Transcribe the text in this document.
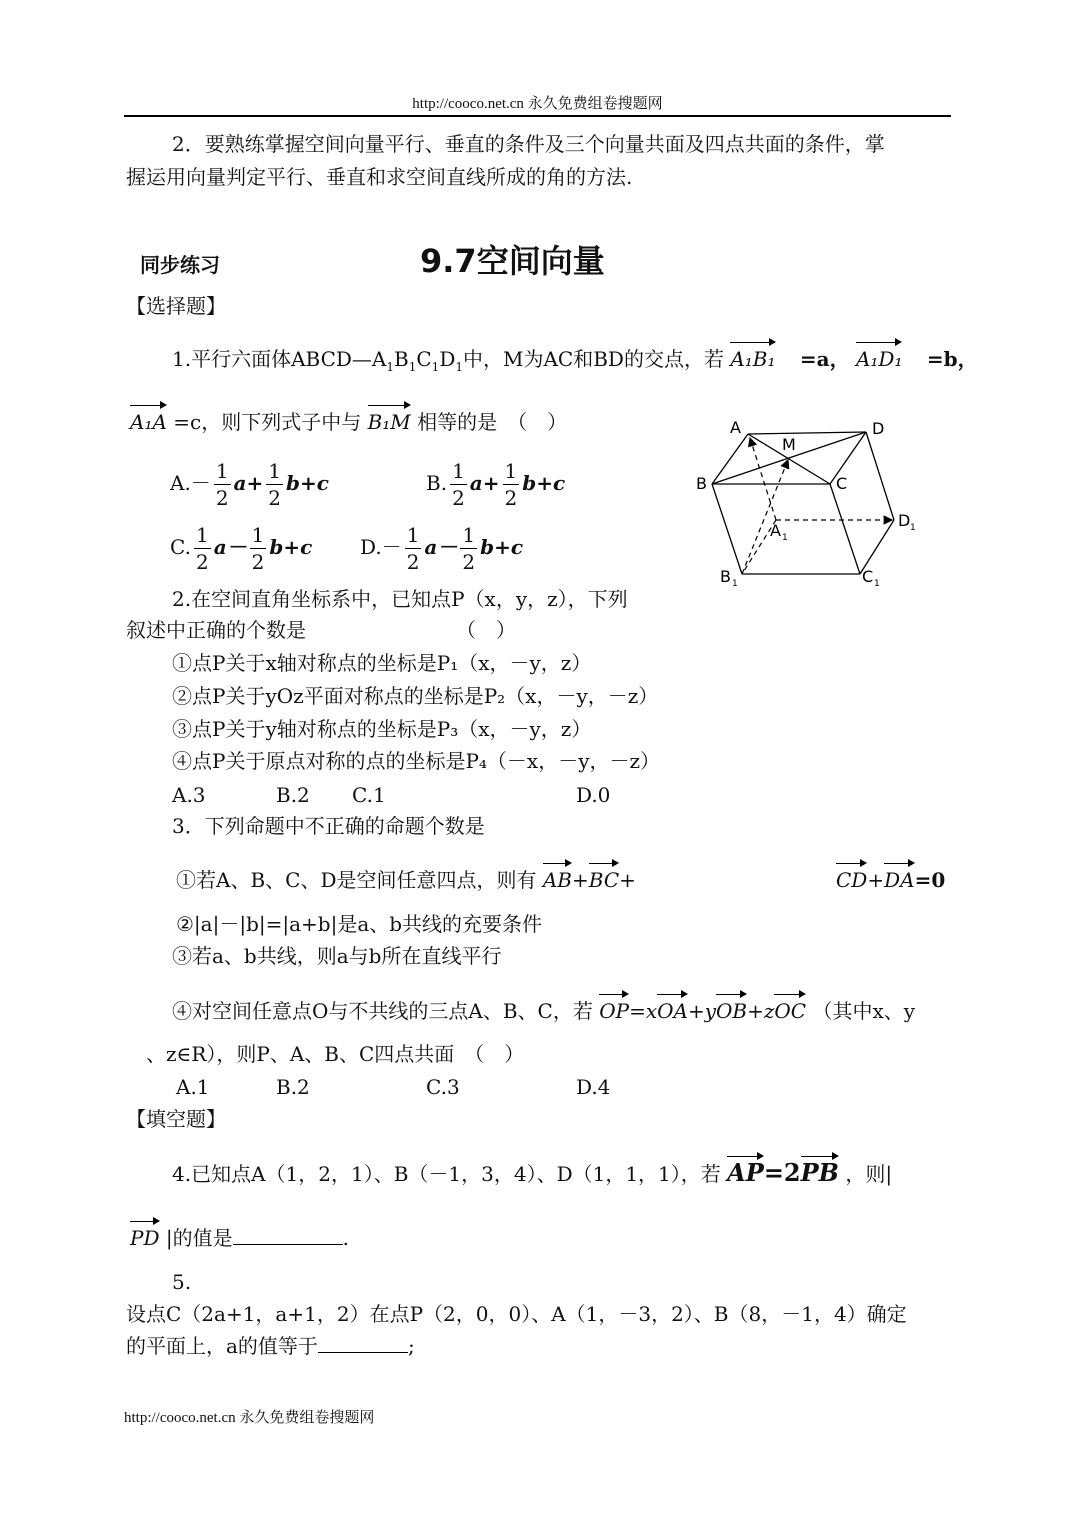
http://cooco.net.cn 永久免费组卷搜题网
2．要熟练掌握空间向量平行、垂直的条件及三个向量共面及四点共面的条件，掌
握运用向量判定平行、垂直和求空间直线所成的角的方法.
同步练习	9.7空间向量
【选择题】
1.平行六面体$ABCD—A_1B_1C_1D_1$中，M为AC和BD的交点，若 A₁B₁ =a， A₁D₁ =b，
A₁A =c，则下列式子中与 B₁M 相等的是　（　）
$A.- \frac{1}{2} a+ \frac{1}{2} b+c$	B. $\frac{1}{2} a+ \frac{1}{2} b+c$
C. $\frac{1}{2} a- \frac{1}{2} b+c$ $D.- \frac{1}{2} a- \frac{1}{2} b+c$
A
M
D
B	C
A 1
D 1
B 1	C 1
2.在空间直角坐标系中，已知点P（x，y，z），下列
叙述中正确的个数是　　　　　　　　（　）
①点P关于x轴对称点的坐标是P₁（x，－y，z）
②点P关于yOz平面对称点的坐标是P₂（x，－y，－z）
③点P关于y轴对称点的坐标是P₃（x，－y，z）
④点P关于原点对称的点的坐标是P₄（－x，－y，－z）
A.3	B.2 C.1	D.0
3．下列命题中不正确的命题个数是
①若A、B、C、D是空间任意四点，则有 AB+BC+	CD+DA=0
②|a|－|b|=|a+b|是a、b共线的充要条件
③若a、b共线，则a与b所在直线平行
④对空间任意点O与不共线的三点A、B、C，若 OP=xOA+yOB+zOC （其中x、y
、z∈R），则P、A、B、C四点共面　（　）
A.1	B.2	C.3	D.4
【填空题】
4.已知点A（1，2，1）、B（－1，3，4）、D（1，1，1），若 AP=2PB ，则|
PD |的值是	.
5.
设点C（2a+1，a+1，2）在点P（2，0，0）、A（1，－3，2）、B（8，－1，4）确定
的平面上，a的值等于	;
http://cooco.net.cn 永久免费组卷搜题网
